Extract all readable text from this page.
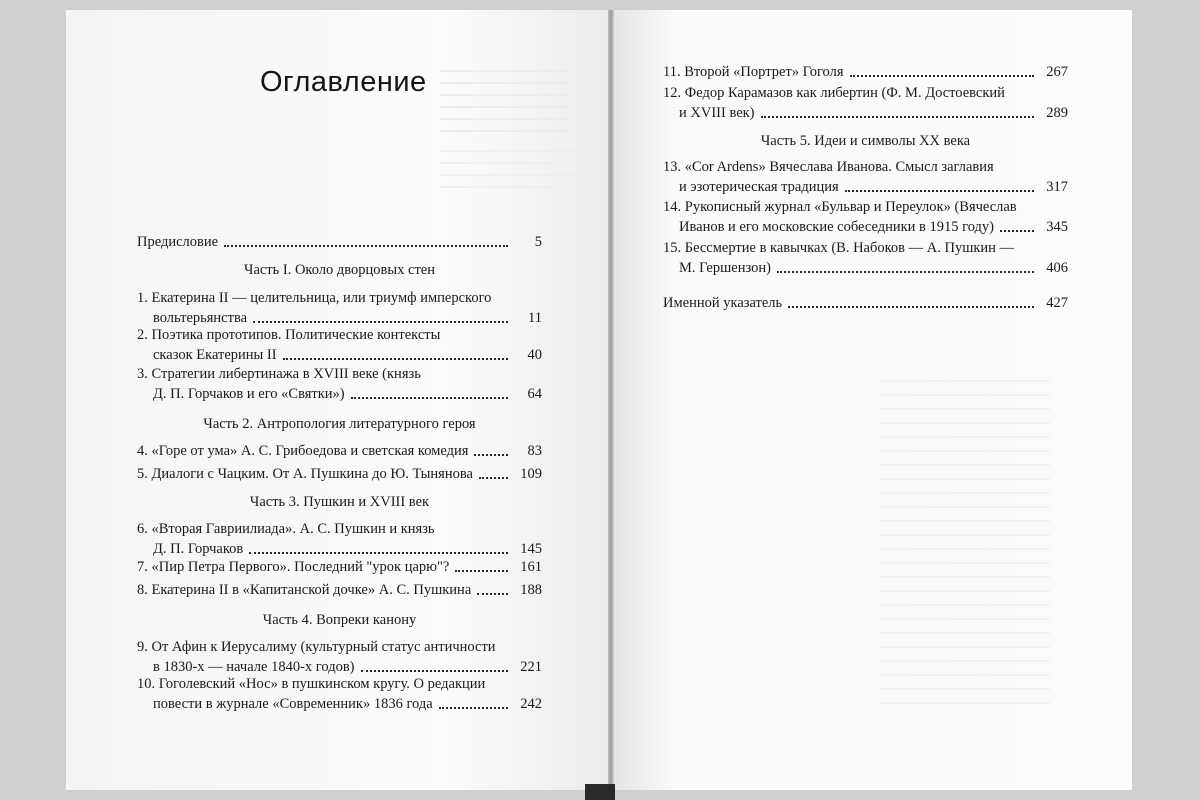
Оглавление
Предисловие	5
Часть I. Около дворцовых стен
1. Екатерина II — целительница, или триумф имперского
вольтерьянства	11
2. Поэтика прототипов. Политические контексты
сказок Екатерины II	40
3. Стратегии либертинажа в XVIII веке (князь
Д. П. Горчаков и его «Святки»)	64
Часть 2. Антропология литературного героя
4. «Горе от ума» А. С. Грибоедова и светская комедия	83
5. Диалоги с Чацким. От А. Пушкина до Ю. Тынянова	109
Часть 3. Пушкин и XVIII век
6. «Вторая Гавриилиада». А. С. Пушкин и князь
Д. П. Горчаков	145
7. «Пир Петра Первого». Последний "урок царю"?	161
8. Екатерина II в «Капитанской дочке» А. С. Пушкина	188
Часть 4. Вопреки канону
9. От Афин к Иерусалиму (культурный статус античности
в 1830-х — начале 1840-х годов)	221
10. Гоголевский «Нос» в пушкинском кругу. О редакции
повести в журнале «Современник» 1836 года	242
11. Второй «Портрет» Гоголя	267
12. Федор Карамазов как либертин (Ф. М. Достоевский
и XVIII век)	289
Часть 5. Идеи и символы XX века
13. «Cor Ardens» Вячеслава Иванова. Смысл заглавия
и эзотерическая традиция	317
14. Рукописный журнал «Бульвар и Переулок» (Вячеслав
Иванов и его московские собеседники в 1915 году)	345
15. Бессмертие в кавычках (В. Набоков — А. Пушкин —
М. Гершензон)	406
Именной указатель	427
